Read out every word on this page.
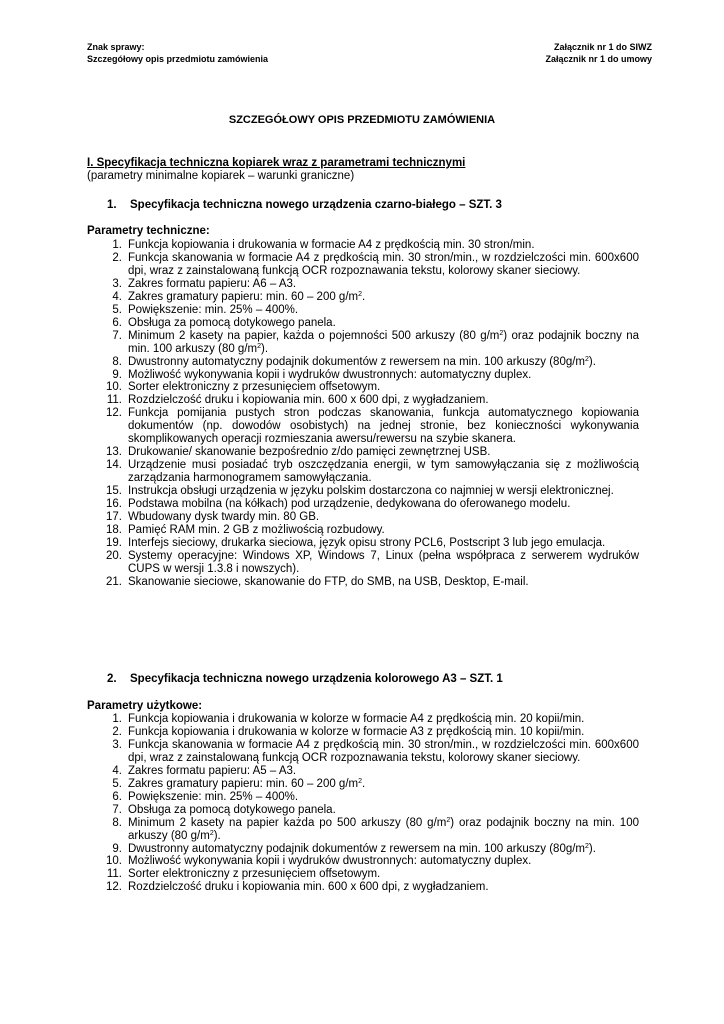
Znak sprawy:	Załącznik nr 1 do SIWZ
Szczegółowy opis przedmiotu zamówienia	Załącznik nr 1 do umowy
SZCZEGÓŁOWY OPIS PRZEDMIOTU ZAMÓWIENIA
I. Specyfikacja techniczna kopiarek wraz z parametrami technicznymi
(parametry minimalne kopiarek – warunki graniczne)
1. Specyfikacja techniczna nowego urządzenia czarno-białego – SZT. 3
Parametry techniczne:
1. Funkcja kopiowania i drukowania w formacie A4 z prędkością min. 30 stron/min.
2. Funkcja skanowania w formacie A4 z prędkością min. 30 stron/min., w rozdzielczości min. 600x600 dpi, wraz z zainstalowaną funkcją OCR rozpoznawania tekstu, kolorowy skaner sieciowy.
3. Zakres formatu papieru: A6 – A3.
4. Zakres gramatury papieru: min. 60 – 200 $g/m^2$.
5. Powiększenie: min. 25% – 400%.
6. Obsługa za pomocą dotykowego panela.
7. Minimum 2 kasety na papier, każda o pojemności 500 arkuszy (80 $g/m^2$) oraz podajnik boczny na min. 100 arkuszy (80 $g/m^2$).
8. Dwustronny automatyczny podajnik dokumentów z rewersem na min. 100 arkuszy $(80g/m^2)$.
9. Możliwość wykonywania kopii i wydruków dwustronnych: automatyczny duplex.
10. Sorter elektroniczny z przesunięciem offsetowym.
11. Rozdzielczość druku i kopiowania min. 600 x 600 dpi, z wygładzaniem.
12. Funkcja pomijania pustych stron podczas skanowania, funkcja automatycznego kopiowania dokumentów (np. dowodów osobistych) na jednej stronie, bez konieczności wykonywania skomplikowanych operacji rozmieszania awersu/rewersu na szybie skanera.
13. Drukowanie/ skanowanie bezpośrednio z/do pamięci zewnętrznej USB.
14. Urządzenie musi posiadać tryb oszczędzania energii, w tym samowyłączania się z możliwością zarządzania harmonogramem samowyłączania.
15. Instrukcja obsługi urządzenia w języku polskim dostarczona co najmniej w wersji elektronicznej.
16. Podstawa mobilna (na kółkach) pod urządzenie, dedykowana do oferowanego modelu.
17. Wbudowany dysk twardy min. 80 GB.
18. Pamięć RAM min. 2 GB z możliwością rozbudowy.
19. Interfejs sieciowy, drukarka sieciowa, język opisu strony PCL6, Postscript 3 lub jego emulacja.
20. Systemy operacyjne: Windows XP, Windows 7, Linux (pełna współpraca z serwerem wydruków CUPS w wersji 1.3.8 i nowszych).
21. Skanowanie sieciowe, skanowanie do FTP, do SMB, na USB, Desktop, E-mail.
2. Specyfikacja techniczna nowego urządzenia kolorowego A3 – SZT. 1
Parametry użytkowe:
1. Funkcja kopiowania i drukowania w kolorze w formacie A4 z prędkością min. 20 kopii/min.
2. Funkcja kopiowania i drukowania w kolorze w formacie A3 z prędkością min. 10 kopii/min.
3. Funkcja skanowania w formacie A4 z prędkością min. 30 stron/min., w rozdzielczości min. 600x600 dpi, wraz z zainstalowaną funkcją OCR rozpoznawania tekstu, kolorowy skaner sieciowy.
4. Zakres formatu papieru: A5 – A3.
5. Zakres gramatury papieru: min. 60 – 200 $g/m^2$.
6. Powiększenie: min. 25% – 400%.
7. Obsługa za pomocą dotykowego panela.
8. Minimum 2 kasety na papier każda po 500 arkuszy (80 $g/m^2$) oraz podajnik boczny na min. 100 arkuszy (80 $g/m^2$).
9. Dwustronny automatyczny podajnik dokumentów z rewersem na min. 100 arkuszy $(80g/m^2)$.
10. Możliwość wykonywania kopii i wydruków dwustronnych: automatyczny duplex.
11. Sorter elektroniczny z przesunięciem offsetowym.
12. Rozdzielczość druku i kopiowania min. 600 x 600 dpi, z wygładzaniem.
